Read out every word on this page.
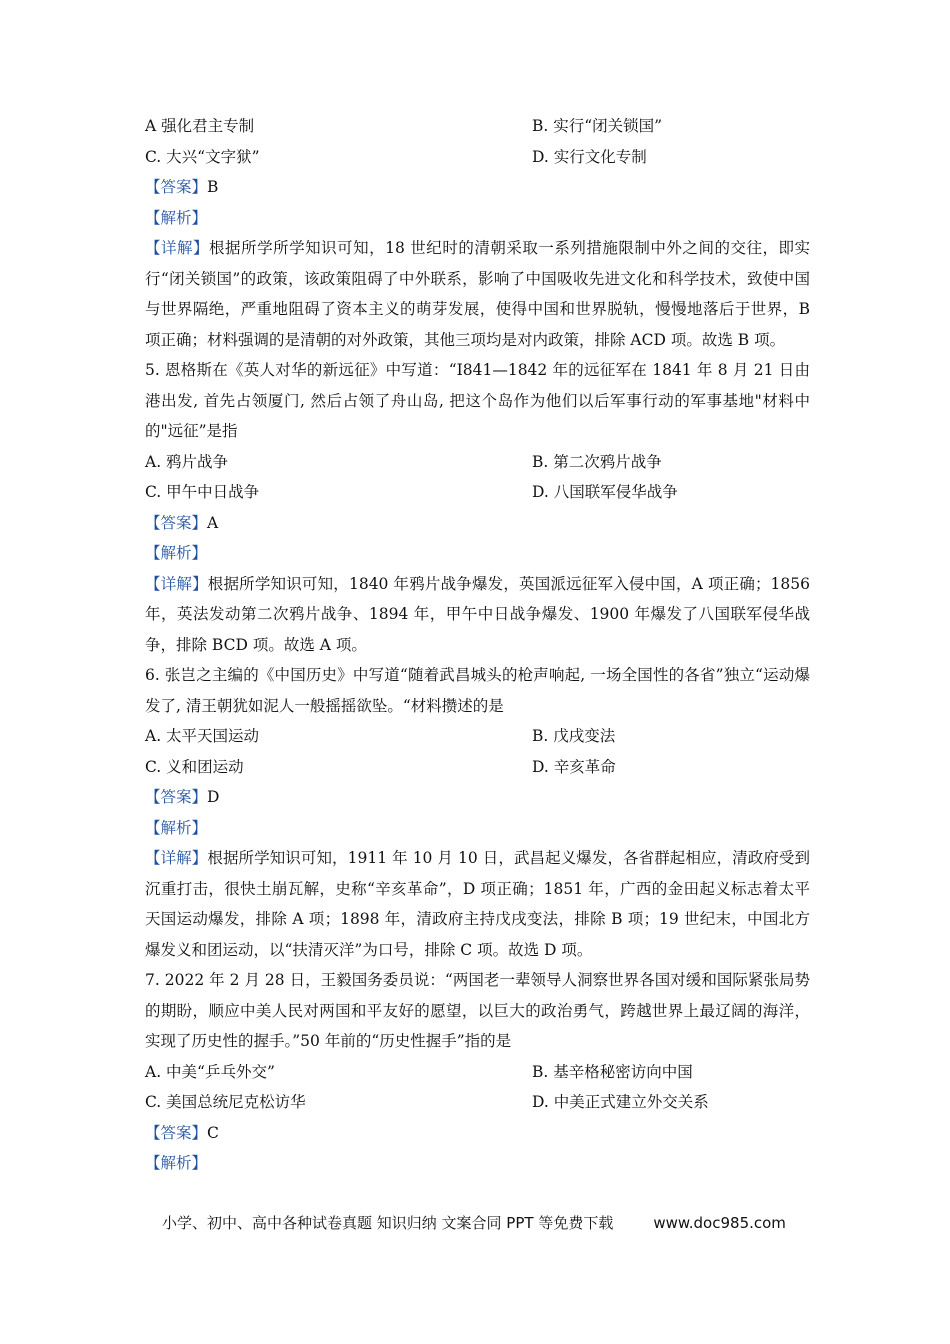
A 强化君主专制	B. 实行“闭关锁国”
C. 大兴“文字狱”	D. 实行文化专制
【答案】B
【解析】
【详解】根据所学所学知识可知，18 世纪时的清朝采取一系列措施限制中外之间的交往，即实行“闭关锁国”的政策，该政策阻碍了中外联系，影响了中国吸收先进文化和科学技术，致使中国与世界隔绝，严重地阻碍了资本主义的萌芽发展，使得中国和世界脱轨，慢慢地落后于世界，B 项正确；材料强调的是清朝的对外政策，其他三项均是对内政策，排除 ACD 项。故选 B 项。
5. 恩格斯在《英人对华的新远征》中写道：“I841—1842 年的远征军在 1841 年 8 月 21 日由港出发, 首先占领厦门, 然后占领了舟山岛, 把这个岛作为他们以后军事行动的军事基地"材料中的"远征”是指
A. 鸦片战争	B. 第二次鸦片战争
C. 甲午中日战争	D. 八国联军侵华战争
【答案】A
【解析】
【详解】根据所学知识可知，1840 年鸦片战争爆发，英国派远征军入侵中国，A 项正确；1856 年，英法发动第二次鸦片战争、1894 年，甲午中日战争爆发、1900 年爆发了八国联军侵华战争，排除 BCD 项。故选 A 项。
6. 张岂之主编的《中国历史》中写道“随着武昌城头的枪声响起, 一场全国性的各省”独立“运动爆发了, 清王朝犹如泥人一般摇摇欲坠。“材料攒述的是
A. 太平天国运动	B. 戊戌变法
C. 义和团运动	D. 辛亥革命
【答案】D
【解析】
【详解】根据所学知识可知，1911 年 10 月 10 日，武昌起义爆发，各省群起相应，清政府受到沉重打击，很快土崩瓦解，史称“辛亥革命”，D 项正确；1851 年，广西的金田起义标志着太平天国运动爆发，排除 A 项；1898 年，清政府主持戊戌变法，排除 B 项；19 世纪末，中国北方爆发义和团运动，以“扶清灭洋”为口号，排除 C 项。故选 D 项。
7. 2022 年 2 月 28 日，王毅国务委员说：“两国老一辈领导人洞察世界各国对缓和国际紧张局势的期盼，顺应中美人民对两国和平友好的愿望，以巨大的政治勇气，跨越世界上最辽阔的海洋，实现了历史性的握手。”50 年前的“历史性握手”指的是
A. 中美“乒乓外交”	B. 基辛格秘密访向中国
C. 美国总统尼克松访华	D. 中美正式建立外交关系
【答案】C
【解析】
小学、初中、高中各种试卷真题 知识归纳 文案合同 PPT 等免费下载	www.doc985.com
